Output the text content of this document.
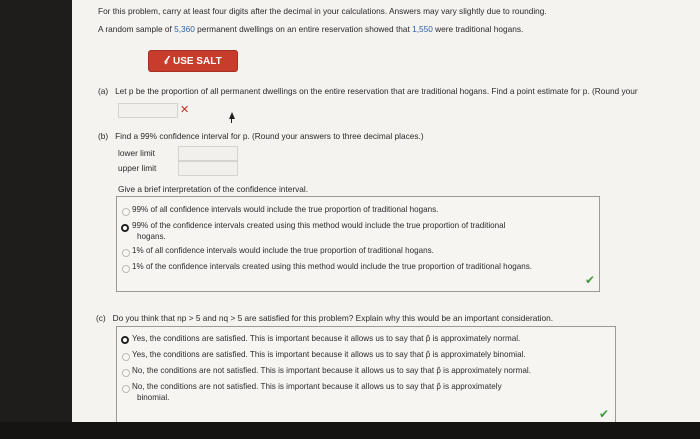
For this problem, carry at least four digits after the decimal in your calculations. Answers may vary slightly due to rounding.
A random sample of 5,360 permanent dwellings on an entire reservation showed that 1,550 were traditional hogans.
𝓁 USE SALT
(a) Let p be the proportion of all permanent dwellings on the entire reservation that are traditional hogans. Find a point estimate for p. (Round your
✕
(b) Find a 99% confidence interval for p. (Round your answers to three decimal places.)
lower limit
upper limit
Give a brief interpretation of the confidence interval.
99% of all confidence intervals would include the true proportion of traditional hogans.
99% of the confidence intervals created using this method would include the true proportion of traditional
hogans.
1% of all confidence intervals would include the true proportion of traditional hogans.
1% of the confidence intervals created using this method would include the true proportion of traditional hogans.
✔
(c) Do you think that np > 5 and nq > 5 are satisfied for this problem? Explain why this would be an important consideration.
Yes, the conditions are satisfied. This is important because it allows us to say that p̂ is approximately normal.
Yes, the conditions are satisfied. This is important because it allows us to say that p̂ is approximately binomial.
No, the conditions are not satisfied. This is important because it allows us to say that p̂ is approximately normal.
No, the conditions are not satisfied. This is important because it allows us to say that p̂ is approximately
binomial.
✔
